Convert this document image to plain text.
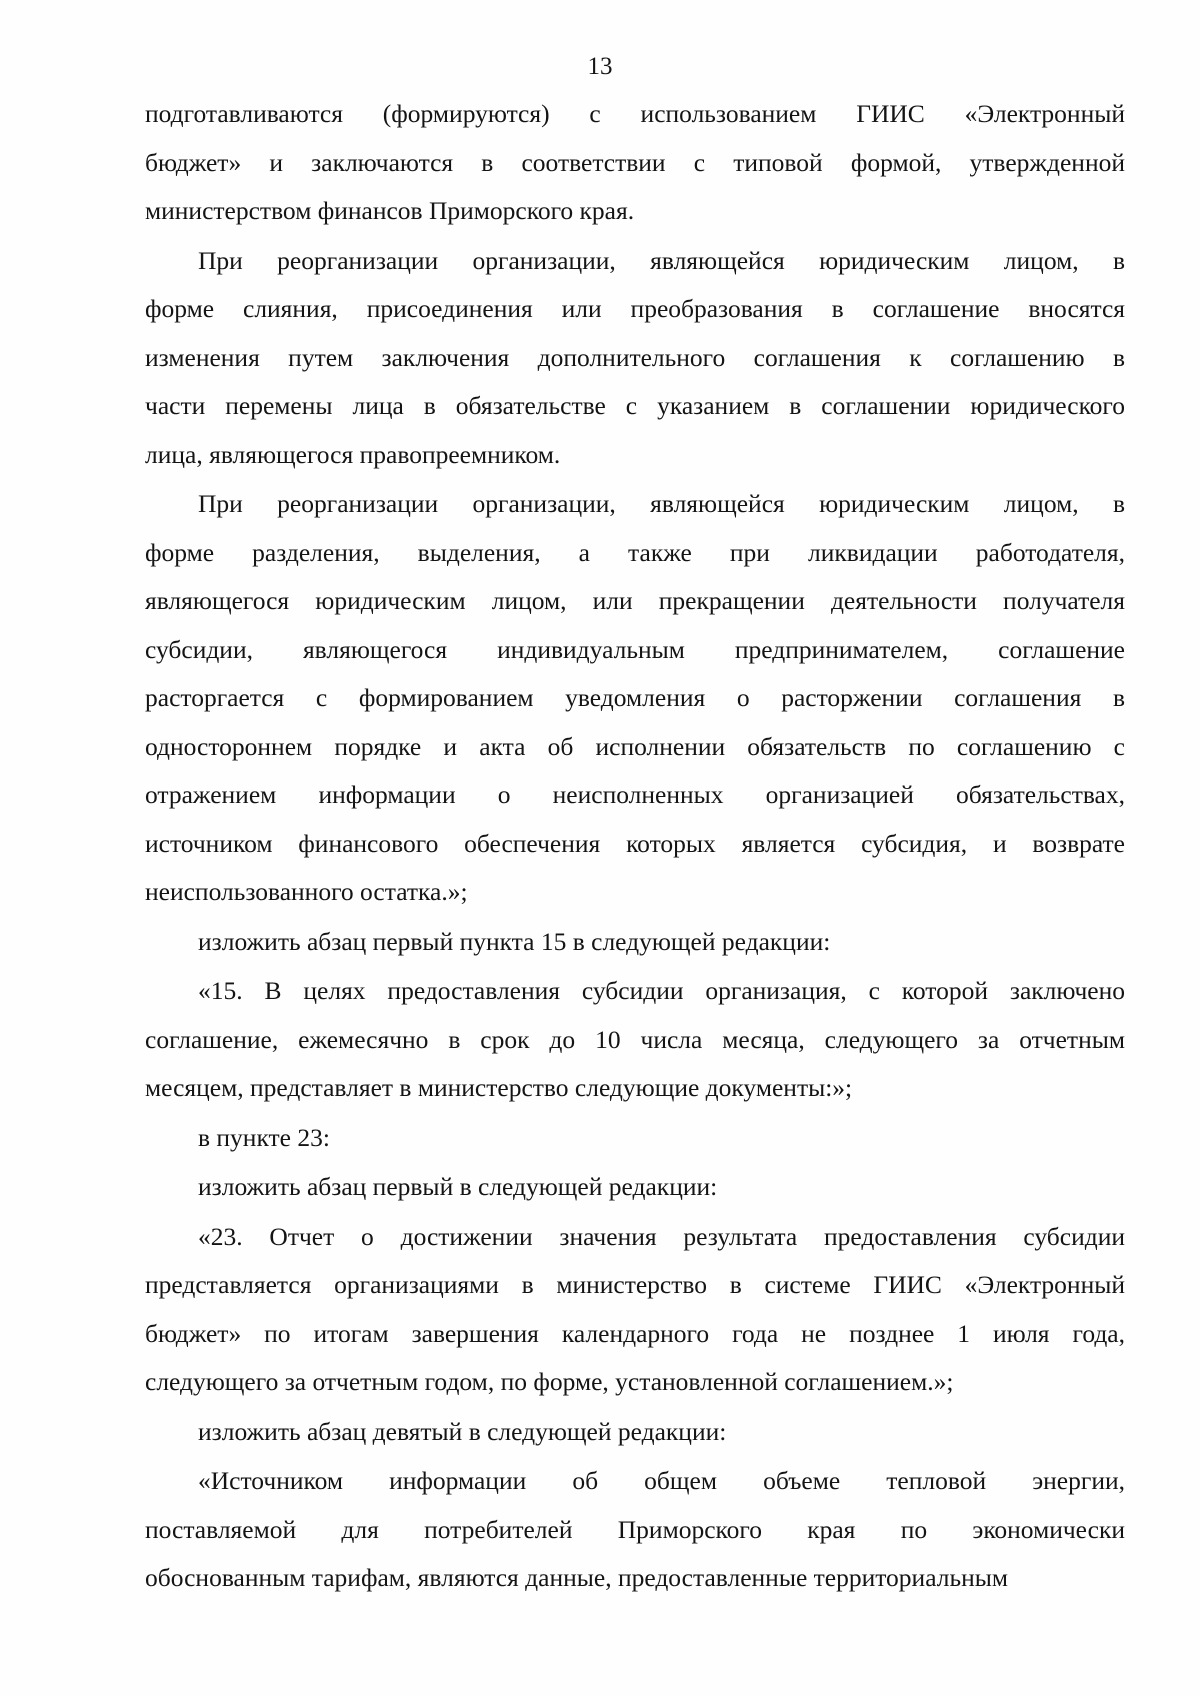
13
подготавливаются (формируются) с использованием ГИИС «Электронный
бюджет» и заключаются в соответствии с типовой формой, утвержденной
министерством финансов Приморского края.
При реорганизации организации, являющейся юридическим лицом, в
форме слияния, присоединения или преобразования в соглашение вносятся
изменения путем заключения дополнительного соглашения к соглашению в
части перемены лица в обязательстве с указанием в соглашении юридического
лица, являющегося правопреемником.
При реорганизации организации, являющейся юридическим лицом, в
форме разделения, выделения, а также при ликвидации работодателя,
являющегося юридическим лицом, или прекращении деятельности получателя
субсидии, являющегося индивидуальным предпринимателем, соглашение
расторгается с формированием уведомления о расторжении соглашения в
одностороннем порядке и акта об исполнении обязательств по соглашению с
отражением информации о неисполненных организацией обязательствах,
источником финансового обеспечения которых является субсидия, и возврате
неиспользованного остатка.»;
изложить абзац первый пункта 15 в следующей редакции:
«15. В целях предоставления субсидии организация, с которой заключено
соглашение, ежемесячно в срок до 10 числа месяца, следующего за отчетным
месяцем, представляет в министерство следующие документы:»;
в пункте 23:
изложить абзац первый в следующей редакции:
«23. Отчет о достижении значения результата предоставления субсидии
представляется организациями в министерство в системе ГИИС «Электронный
бюджет» по итогам завершения календарного года не позднее 1 июля года,
следующего за отчетным годом, по форме, установленной соглашением.»;
изложить абзац девятый в следующей редакции:
«Источником информации об общем объеме тепловой энергии,
поставляемой для потребителей Приморского края по экономически
обоснованным тарифам, являются данные, предоставленные территориальным
